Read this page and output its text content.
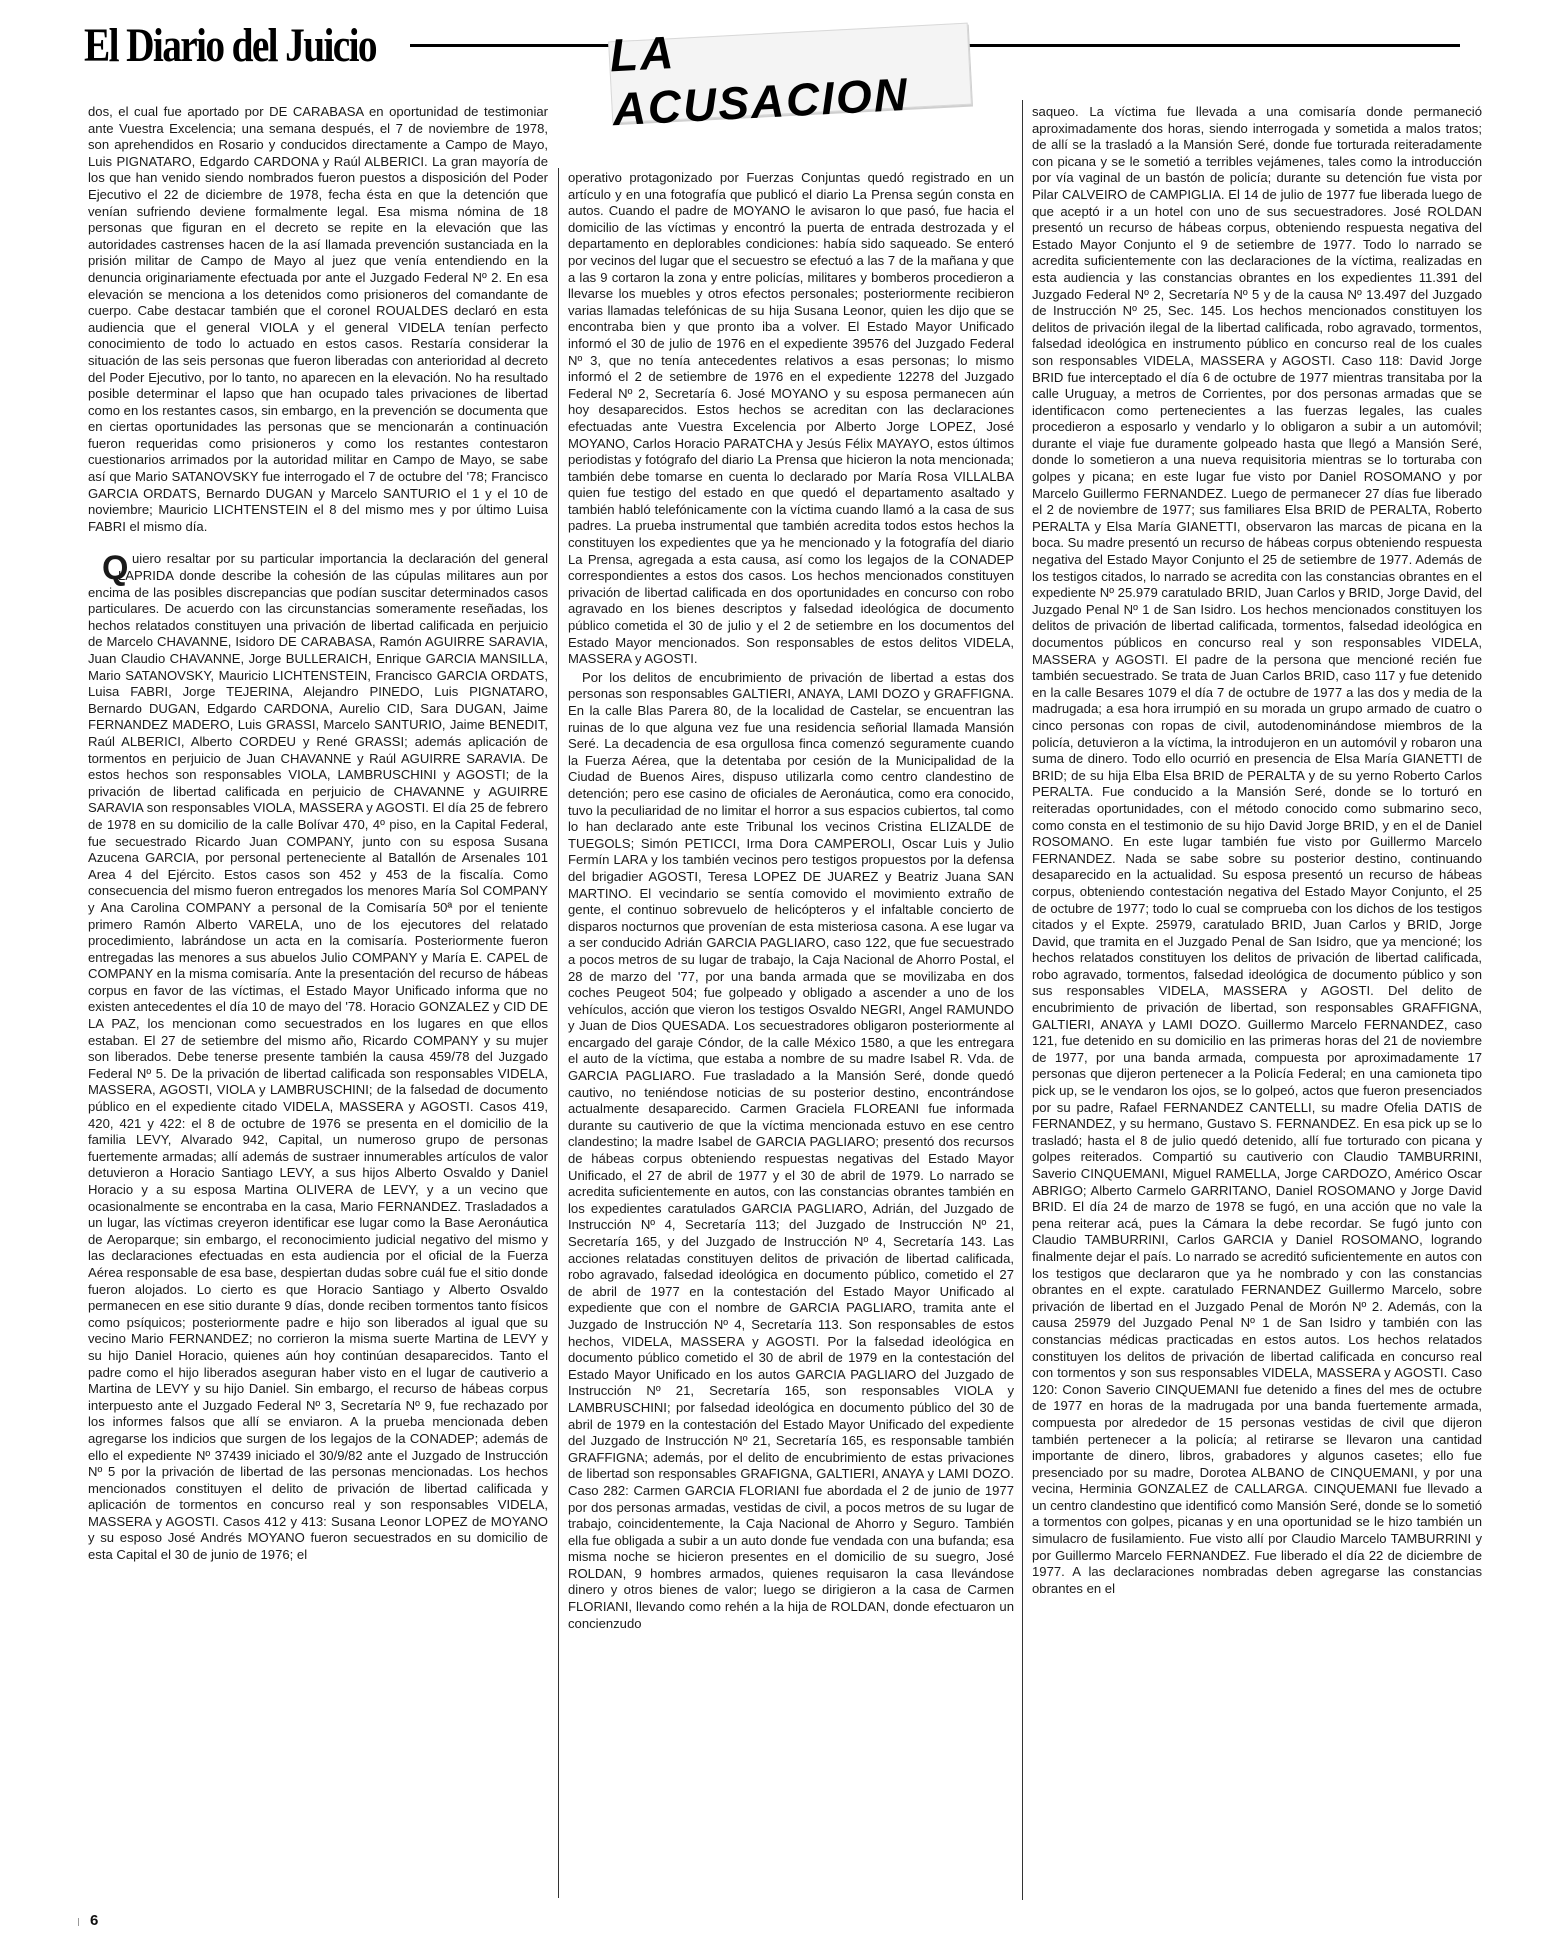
El Diario del Juicio	LA ACUSACION

dos, el cual fue aportado por DE CARABASA en oportunidad de testimoniar ante Vuestra Excelencia; una semana después, el 7 de noviembre de 1978, son aprehendidos en Rosario y conducidos directamente a Campo de Mayo, Luis PIGNATARO, Edgardo CARDONA y Raúl ALBERICI. La gran mayoría de los que han venido siendo nombrados fueron puestos a disposición del Poder Ejecutivo el 22 de diciembre de 1978, fecha ésta en que la detención que venían sufriendo deviene formalmente legal. Esa misma nómina de 18 personas que figuran en el decreto se repite en la elevación que las autoridades castrenses hacen de la así llamada prevención sustanciada en la prisión militar de Campo de Mayo al juez que venía entendiendo en la denuncia originariamente efectuada por ante el Juzgado Federal Nº 2. En esa elevación se menciona a los detenidos como prisioneros del comandante de cuerpo. Cabe destacar también que el coronel ROUALDES declaró en esta audiencia que el general VIOLA y el general VIDELA tenían perfecto conocimiento de todo lo actuado en estos casos. Restaría considerar la situación de las seis personas que fueron liberadas con anterioridad al decreto del Poder Ejecutivo, por lo tanto, no aparecen en la elevación. No ha resultado posible determinar el lapso que han ocupado tales privaciones de libertad como en los restantes casos, sin embargo, en la prevención se documenta que en ciertas oportunidades las personas que se mencionarán a continuación fueron requeridas como prisioneros y como los restantes contestaron cuestionarios arrimados por la autoridad militar en Campo de Mayo, se sabe así que Mario SATANOVSKY fue interrogado el 7 de octubre del '78; Francisco GARCIA ORDATS, Bernardo DUGAN y Marcelo SANTURIO el 1 y el 10 de noviembre; Mauricio LICHTENSTEIN el 8 del mismo mes y por último Luisa FABRI el mismo día.

Quiero resaltar por su particular importancia la declaración del general LAPRIDA donde describe la cohesión de las cúpulas militares aun por encima de las posibles discrepancias que podían suscitar determinados casos particulares. De acuerdo con las circunstancias someramente reseñadas, los hechos relatados constituyen una privación de libertad calificada en perjuicio de Marcelo CHAVANNE, Isidoro DE CARABASA, Ramón AGUIRRE SARAVIA, Juan Claudio CHAVANNE, Jorge BULLERAICH, Enrique GARCIA MANSILLA, Mario SATANOVSKY, Mauricio LICHTENSTEIN, Francisco GARCIA ORDATS, Luisa FABRI, Jorge TEJERINA, Alejandro PINEDO, Luis PIGNATARO, Bernardo DUGAN, Edgardo CARDONA, Aurelio CID, Sara DUGAN, Jaime FERNANDEZ MADERO, Luis GRASSI, Marcelo SANTURIO, Jaime BENEDIT, Raúl ALBERICI, Alberto CORDEU y René GRASSI; además aplicación de tormentos en perjuicio de Juan CHAVANNE y Raúl AGUIRRE SARAVIA. De estos hechos son responsables VIOLA, LAMBRUSCHINI y AGOSTI; de la privación de libertad calificada en perjuicio de CHAVANNE y AGUIRRE SARAVIA son responsables VIOLA, MASSERA y AGOSTI. El día 25 de febrero de 1978 en su domicilio de la calle Bolívar 470, 4º piso, en la Capital Federal, fue secuestrado Ricardo Juan COMPANY, junto con su esposa Susana Azucena GARCIA, por personal perteneciente al Batallón de Arsenales 101 Area 4 del Ejército. Estos casos son 452 y 453 de la fiscalía. Como consecuencia del mismo fueron entregados los menores María Sol COMPANY y Ana Carolina COMPANY a personal de la Comisaría 50ª por el teniente primero Ramón Alberto VARELA, uno de los ejecutores del relatado procedimiento, labrándose un acta en la comisaría. Posteriormente fueron entregadas las menores a sus abuelos Julio COMPANY y María E. CAPEL de COMPANY en la misma comisaría. Ante la presentación del recurso de hábeas corpus en favor de las víctimas, el Estado Mayor Unificado informa que no existen antecedentes el día 10 de mayo del '78. Horacio GONZALEZ y CID DE LA PAZ, los mencionan como secuestrados en los lugares en que ellos estaban. El 27 de setiembre del mismo año, Ricardo COMPANY y su mujer son liberados. Debe tenerse presente también la causa 459/78 del Juzgado Federal Nº 5. De la privación de libertad calificada son responsables VIDELA, MASSERA, AGOSTI, VIOLA y LAMBRUSCHINI; de la falsedad de documento público en el expediente citado VIDELA, MASSERA y AGOSTI. Casos 419, 420, 421 y 422: el 8 de octubre de 1976 se presenta en el domicilio de la familia LEVY, Alvarado 942, Capital, un numeroso grupo de personas fuertemente armadas; allí además de sustraer innumerables artículos de valor detuvieron a Horacio Santiago LEVY, a sus hijos Alberto Osvaldo y Daniel Horacio y a su esposa Martina OLIVERA de LEVY, y a un vecino que ocasionalmente se encontraba en la casa, Mario FERNANDEZ. Trasladados a un lugar, las víctimas creyeron identificar ese lugar como la Base Aeronáutica de Aeroparque; sin embargo, el reconocimiento judicial negativo del mismo y las declaraciones efectuadas en esta audiencia por el oficial de la Fuerza Aérea responsable de esa base, despiertan dudas sobre cuál fue el sitio donde fueron alojados. Lo cierto es que Horacio Santiago y Alberto Osvaldo permanecen en ese sitio durante 9 días, donde reciben tormentos tanto físicos como psíquicos; posteriormente padre e hijo son liberados al igual que su vecino Mario FERNANDEZ; no corrieron la misma suerte Martina de LEVY y su hijo Daniel Horacio, quienes aún hoy continúan desaparecidos. Tanto el padre como el hijo liberados aseguran haber visto en el lugar de cautiverio a Martina de LEVY y su hijo Daniel. Sin embargo, el recurso de hábeas corpus interpuesto ante el Juzgado Federal Nº 3, Secretaría Nº 9, fue rechazado por los informes falsos que allí se enviaron. A la prueba mencionada deben agregarse los indicios que surgen de los legajos de la CONADEP; además de ello el expediente Nº 37439 iniciado el 30/9/82 ante el Juzgado de Instrucción Nº 5 por la privación de libertad de las personas mencionadas. Los hechos mencionados constituyen el delito de privación de libertad calificada y aplicación de tormentos en concurso real y son responsables VIDELA, MASSERA y AGOSTI. Casos 412 y 413: Susana Leonor LOPEZ de MOYANO y su esposo José Andrés MOYANO fueron secuestrados en su domicilio de esta Capital el 30 de junio de 1976; el

operativo protagonizado por Fuerzas Conjuntas quedó registrado en un artículo y en una fotografía que publicó el diario La Prensa según consta en autos. Cuando el padre de MOYANO le avisaron lo que pasó, fue hacia el domicilio de las víctimas y encontró la puerta de entrada destrozada y el departamento en deplorables condiciones: había sido saqueado. Se enteró por vecinos del lugar que el secuestro se efectuó a las 7 de la mañana y que a las 9 cortaron la zona y entre policías, militares y bomberos procedieron a llevarse los muebles y otros efectos personales; posteriormente recibieron varias llamadas telefónicas de su hija Susana Leonor, quien les dijo que se encontraba bien y que pronto iba a volver. El Estado Mayor Unificado informó el 30 de julio de 1976 en el expediente 39576 del Juzgado Federal Nº 3, que no tenía antecedentes relativos a esas personas; lo mismo informó el 2 de setiembre de 1976 en el expediente 12278 del Juzgado Federal Nº 2, Secretaría 6. José MOYANO y su esposa permanecen aún hoy desaparecidos. Estos hechos se acreditan con las declaraciones efectuadas ante Vuestra Excelencia por Alberto Jorge LOPEZ, José MOYANO, Carlos Horacio PARATCHA y Jesús Félix MAYAYO, estos últimos periodistas y fotógrafo del diario La Prensa que hicieron la nota mencionada; también debe tomarse en cuenta lo declarado por María Rosa VILLALBA quien fue testigo del estado en que quedó el departamento asaltado y también habló telefónicamente con la víctima cuando llamó a la casa de sus padres. La prueba instrumental que también acredita todos estos hechos la constituyen los expedientes que ya he mencionado y la fotografía del diario La Prensa, agregada a esta causa, así como los legajos de la CONADEP correspondientes a estos dos casos. Los hechos mencionados constituyen privación de libertad calificada en dos oportunidades en concurso con robo agravado en los bienes descriptos y falsedad ideológica de documento público cometida el 30 de julio y el 2 de setiembre en los documentos del Estado Mayor mencionados. Son responsables de estos delitos VIDELA, MASSERA y AGOSTI.

Por los delitos de encubrimiento de privación de libertad a estas dos personas son responsables GALTIERI, ANAYA, LAMI DOZO y GRAFFIGNA. En la calle Blas Parera 80, de la localidad de Castelar, se encuentran las ruinas de lo que alguna vez fue una residencia señorial llamada Mansión Seré. La decadencia de esa orgullosa finca comenzó seguramente cuando la Fuerza Aérea, que la detentaba por cesión de la Municipalidad de la Ciudad de Buenos Aires, dispuso utilizarla como centro clandestino de detención; pero ese casino de oficiales de Aeronáutica, como era conocido, tuvo la peculiaridad de no limitar el horror a sus espacios cubiertos, tal como lo han declarado ante este Tribunal los vecinos Cristina ELIZALDE de TUEGOLS; Simón PETICCI, Irma Dora CAMPEROLI, Oscar Luis y Julio Fermín LARA y los también vecinos pero testigos propuestos por la defensa del brigadier AGOSTI, Teresa LOPEZ DE JUAREZ y Beatriz Juana SAN MARTINO. El vecindario se sentía comovido el movimiento extraño de gente, el continuo sobrevuelo de helicópteros y el infaltable concierto de disparos nocturnos que provenían de esta misteriosa casona. A ese lugar va a ser conducido Adrián GARCIA PAGLIARO, caso 122, que fue secuestrado a pocos metros de su lugar de trabajo, la Caja Nacional de Ahorro Postal, el 28 de marzo del '77, por una banda armada que se movilizaba en dos coches Peugeot 504; fue golpeado y obligado a ascender a uno de los vehículos, acción que vieron los testigos Osvaldo NEGRI, Angel RAMUNDO y Juan de Dios QUESADA. Los secuestradores obligaron posteriormente al encargado del garaje Cóndor, de la calle México 1580, a que les entregara el auto de la víctima, que estaba a nombre de su madre Isabel R. Vda. de GARCIA PAGLIARO. Fue trasladado a la Mansión Seré, donde quedó cautivo, no teniéndose noticias de su posterior destino, encontrándose actualmente desaparecido. Carmen Graciela FLOREANI fue informada durante su cautiverio de que la víctima mencionada estuvo en ese centro clandestino; la madre Isabel de GARCIA PAGLIARO; presentó dos recursos de hábeas corpus obteniendo respuestas negativas del Estado Mayor Unificado, el 27 de abril de 1977 y el 30 de abril de 1979. Lo narrado se acredita suficientemente en autos, con las constancias obrantes también en los expedientes caratulados GARCIA PAGLIARO, Adrián, del Juzgado de Instrucción Nº 4, Secretaría 113; del Juzgado de Instrucción Nº 21, Secretaría 165, y del Juzgado de Instrucción Nº 4, Secretaría 143. Las acciones relatadas constituyen delitos de privación de libertad calificada, robo agravado, falsedad ideológica en documento público, cometido el 27 de abril de 1977 en la contestación del Estado Mayor Unificado al expediente que con el nombre de GARCIA PAGLIARO, tramita ante el Juzgado de Instrucción Nº 4, Secretaría 113. Son responsables de estos hechos, VIDELA, MASSERA y AGOSTI. Por la falsedad ideológica en documento público cometido el 30 de abril de 1979 en la contestación del Estado Mayor Unificado en los autos GARCIA PAGLIARO del Juzgado de Instrucción Nº 21, Secretaría 165, son responsables VIOLA y LAMBRUSCHINI; por falsedad ideológica en documento público del 30 de abril de 1979 en la contestación del Estado Mayor Unificado del expediente del Juzgado de Instrucción Nº 21, Secretaría 165, es responsable también GRAFFIGNA; además, por el delito de encubrimiento de estas privaciones de libertad son responsables GRAFIGNA, GALTIERI, ANAYA y LAMI DOZO. Caso 282: Carmen GARCIA FLORIANI fue abordada el 2 de junio de 1977 por dos personas armadas, vestidas de civil, a pocos metros de su lugar de trabajo, coincidentemente, la Caja Nacional de Ahorro y Seguro. También ella fue obligada a subir a un auto donde fue vendada con una bufanda; esa misma noche se hicieron presentes en el domicilio de su suegro, José ROLDAN, 9 hombres armados, quienes requisaron la casa llevándose dinero y otros bienes de valor; luego se dirigieron a la casa de Carmen FLORIANI, llevando como rehén a la hija de ROLDAN, donde efectuaron un concienzudo

saqueo. La víctima fue llevada a una comisaría donde permaneció aproximadamente dos horas, siendo interrogada y sometida a malos tratos; de allí se la trasladó a la Mansión Seré, donde fue torturada reiteradamente con picana y se le sometió a terribles vejámenes, tales como la introducción por vía vaginal de un bastón de policía; durante su detención fue vista por Pilar CALVEIRO de CAMPIGLIA. El 14 de julio de 1977 fue liberada luego de que aceptó ir a un hotel con uno de sus secuestradores. José ROLDAN presentó un recurso de hábeas corpus, obteniendo respuesta negativa del Estado Mayor Conjunto el 9 de setiembre de 1977. Todo lo narrado se acredita suficientemente con las declaraciones de la víctima, realizadas en esta audiencia y las constancias obrantes en los expedientes 11.391 del Juzgado Federal Nº 2, Secretaría Nº 5 y de la causa Nº 13.497 del Juzgado de Instrucción Nº 25, Sec. 145. Los hechos mencionados constituyen los delitos de privación ilegal de la libertad calificada, robo agravado, tormentos, falsedad ideológica en instrumento público en concurso real de los cuales son responsables VIDELA, MASSERA y AGOSTI. Caso 118: David Jorge BRID fue interceptado el día 6 de octubre de 1977 mientras transitaba por la calle Uruguay, a metros de Corrientes, por dos personas armadas que se identificacon como pertenecientes a las fuerzas legales, las cuales procedieron a esposarlo y vendarlo y lo obligaron a subir a un automóvil; durante el viaje fue duramente golpeado hasta que llegó a Mansión Seré, donde lo sometieron a una nueva requisitoria mientras se lo torturaba con golpes y picana; en este lugar fue visto por Daniel ROSOMANO y por Marcelo Guillermo FERNANDEZ. Luego de permanecer 27 días fue liberado el 2 de noviembre de 1977; sus familiares Elsa BRID de PERALTA, Roberto PERALTA y Elsa María GIANETTI, observaron las marcas de picana en la boca. Su madre presentó un recurso de hábeas corpus obteniendo respuesta negativa del Estado Mayor Conjunto el 25 de setiembre de 1977. Además de los testigos citados, lo narrado se acredita con las constancias obrantes en el expediente Nº 25.979 caratulado BRID, Juan Carlos y BRID, Jorge David, del Juzgado Penal Nº 1 de San Isidro. Los hechos mencionados constituyen los delitos de privación de libertad calificada, tormentos, falsedad ideológica en documentos públicos en concurso real y son responsables VIDELA, MASSERA y AGOSTI. El padre de la persona que mencioné recién fue también secuestrado. Se trata de Juan Carlos BRID, caso 117 y fue detenido en la calle Besares 1079 el día 7 de octubre de 1977 a las dos y media de la madrugada; a esa hora irrumpió en su morada un grupo armado de cuatro o cinco personas con ropas de civil, autodenominándose miembros de la policía, detuvieron a la víctima, la introdujeron en un automóvil y robaron una suma de dinero. Todo ello ocurrió en presencia de Elsa María GIANETTI de BRID; de su hija Elba Elsa BRID de PERALTA y de su yerno Roberto Carlos PERALTA. Fue conducido a la Mansión Seré, donde se lo torturó en reiteradas oportunidades, con el método conocido como submarino seco, como consta en el testimonio de su hijo David Jorge BRID, y en el de Daniel ROSOMANO. En este lugar también fue visto por Guillermo Marcelo FERNANDEZ. Nada se sabe sobre su posterior destino, continuando desaparecido en la actualidad. Su esposa presentó un recurso de hábeas corpus, obteniendo contestación negativa del Estado Mayor Conjunto, el 25 de octubre de 1977; todo lo cual se comprueba con los dichos de los testigos citados y el Expte. 25979, caratulado BRID, Juan Carlos y BRID, Jorge David, que tramita en el Juzgado Penal de San Isidro, que ya mencioné; los hechos relatados constituyen los delitos de privación de libertad calificada, robo agravado, tormentos, falsedad ideológica de documento público y son sus responsables VIDELA, MASSERA y AGOSTI. Del delito de encubrimiento de privación de libertad, son responsables GRAFFIGNA, GALTIERI, ANAYA y LAMI DOZO. Guillermo Marcelo FERNANDEZ, caso 121, fue detenido en su domicilio en las primeras horas del 21 de noviembre de 1977, por una banda armada, compuesta por aproximadamente 17 personas que dijeron pertenecer a la Policía Federal; en una camioneta tipo pick up, se le vendaron los ojos, se lo golpeó, actos que fueron presenciados por su padre, Rafael FERNANDEZ CANTELLI, su madre Ofelia DATIS de FERNANDEZ, y su hermano, Gustavo S. FERNANDEZ. En esa pick up se lo trasladó; hasta el 8 de julio quedó detenido, allí fue torturado con picana y golpes reiterados. Compartió su cautiverio con Claudio TAMBURRINI, Saverio CINQUEMANI, Miguel RAMELLA, Jorge CARDOZO, Américo Oscar ABRIGO; Alberto Carmelo GARRITANO, Daniel ROSOMANO y Jorge David BRID. El día 24 de marzo de 1978 se fugó, en una acción que no vale la pena reiterar acá, pues la Cámara la debe recordar. Se fugó junto con Claudio TAMBURRINI, Carlos GARCIA y Daniel ROSOMANO, logrando finalmente dejar el país. Lo narrado se acreditó suficientemente en autos con los testigos que declararon que ya he nombrado y con las constancias obrantes en el expte. caratulado FERNANDEZ Guillermo Marcelo, sobre privación de libertad en el Juzgado Penal de Morón Nº 2. Además, con la causa 25979 del Juzgado Penal Nº 1 de San Isidro y también con las constancias médicas practicadas en estos autos. Los hechos relatados constituyen los delitos de privación de libertad calificada en concurso real con tormentos y son sus responsables VIDELA, MASSERA y AGOSTI. Caso 120: Conon Saverio CINQUEMANI fue detenido a fines del mes de octubre de 1977 en horas de la madrugada por una banda fuertemente armada, compuesta por alrededor de 15 personas vestidas de civil que dijeron también pertenecer a la policía; al retirarse se llevaron una cantidad importante de dinero, libros, grabadores y algunos casetes; ello fue presenciado por su madre, Dorotea ALBANO de CINQUEMANI, y por una vecina, Herminia GONZALEZ de CALLARGA. CINQUEMANI fue llevado a un centro clandestino que identificó como Mansión Seré, donde se lo sometió a tormentos con golpes, picanas y en una oportunidad se le hizo también un simulacro de fusilamiento. Fue visto allí por Claudio Marcelo TAMBURRINI y por Guillermo Marcelo FERNANDEZ. Fue liberado el día 22 de diciembre de 1977. A las declaraciones nombradas deben agregarse las constancias obrantes en el

6
